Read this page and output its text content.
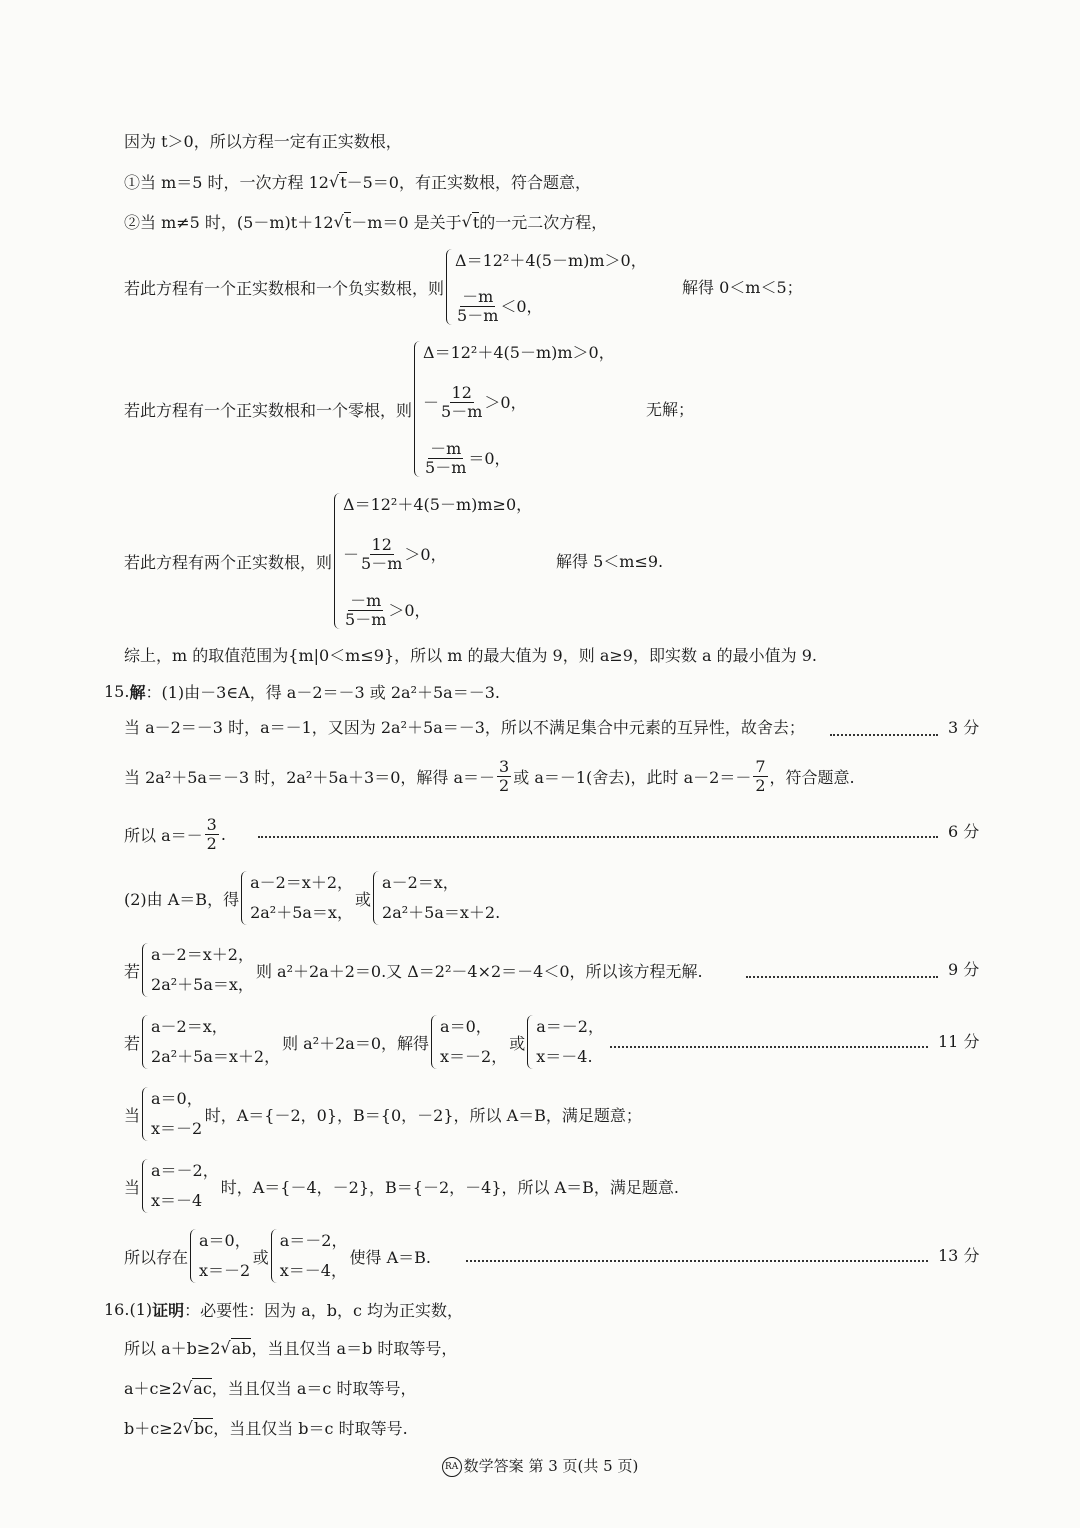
因为 t＞0，所以方程一定有正实数根，
①当 m＝5 时，一次方程 12 √ t －5＝0，有正实数根，符合题意，
②当 m≠5 时，(5－m)t＋12 √ t －m＝0 是关于 √ t 的一元二次方程，
若此方程有一个正实数根和一个负实数根，则
Δ＝12²＋4(5－m)m＞0，
$\frac{-m}{5-m} <0$，
解得 0＜m＜5；
若此方程有一个正实数根和一个零根，则
Δ＝12²＋4(5－m)m＞0，
－ $\frac{12}{5-m} >0$，
$\frac{-m}{5-m} =0$，
无解；
若此方程有两个正实数根，则
Δ＝12²＋4(5－m)m≥0，
－ $\frac{12}{5-m} >0$，
$\frac{-m}{5-m} >0$，
解得 5＜m≤9.
综上，m 的取值范围为{m|0＜m≤9}，所以 m 的最大值为 9，则 a≥9，即实数 a 的最小值为 9.
15. 解 ：(1)由－3∈A，得 a－2＝－3 或 2a²＋5a＝－3.
当 a－2＝－3 时，a＝－1，又因为 2a²＋5a＝－3，所以不满足集合中元素的互异性，故舍去；	3 分
当 2a²＋5a＝－3 时，2a²＋5a＋3＝0，解得 $a=- \frac{3}{2}$ 或 a＝－1(舍去)，此时 $a-2=- \frac{7}{2}$ ，符合题意.
所以 $a=- \frac{3}{2}$ .	6 分
(2)由 A＝B，得
a－2＝x＋2，
2a²＋5a＝x，
或
a－2＝x，
2a²＋5a＝x＋2.
若
a－2＝x＋2，
2a²＋5a＝x，
则 a²＋2a＋2＝0.又 Δ＝2²－4×2＝－4＜0，所以该方程无解.	9 分
若
a－2＝x，
2a²＋5a＝x＋2，
则 a²＋2a＝0，解得
a＝0，
x＝－2，
或
a＝－2，
x＝－4.
11 分
当
a＝0，
x＝－2
时，A＝{－2，0}，B＝{0，－2}，所以 A＝B，满足题意；
当
a＝－2，
x＝－4
时，A＝{－4，－2}，B＝{－2，－4}，所以 A＝B，满足题意.
所以存在
a＝0，
x＝－2
或
a＝－2，
x＝－4，
使得 A＝B.	13 分
16.(1) 证明 ：必要性：因为 a，b，c 均为正实数，
所以 a＋b≥2 √ ab ，当且仅当 a＝b 时取等号，
a＋c≥2 √ ac ，当且仅当 a＝c 时取等号，
b＋c≥2 √ bc ，当且仅当 b＝c 时取等号.
RA 数学答案 第 3 页(共 5 页)
